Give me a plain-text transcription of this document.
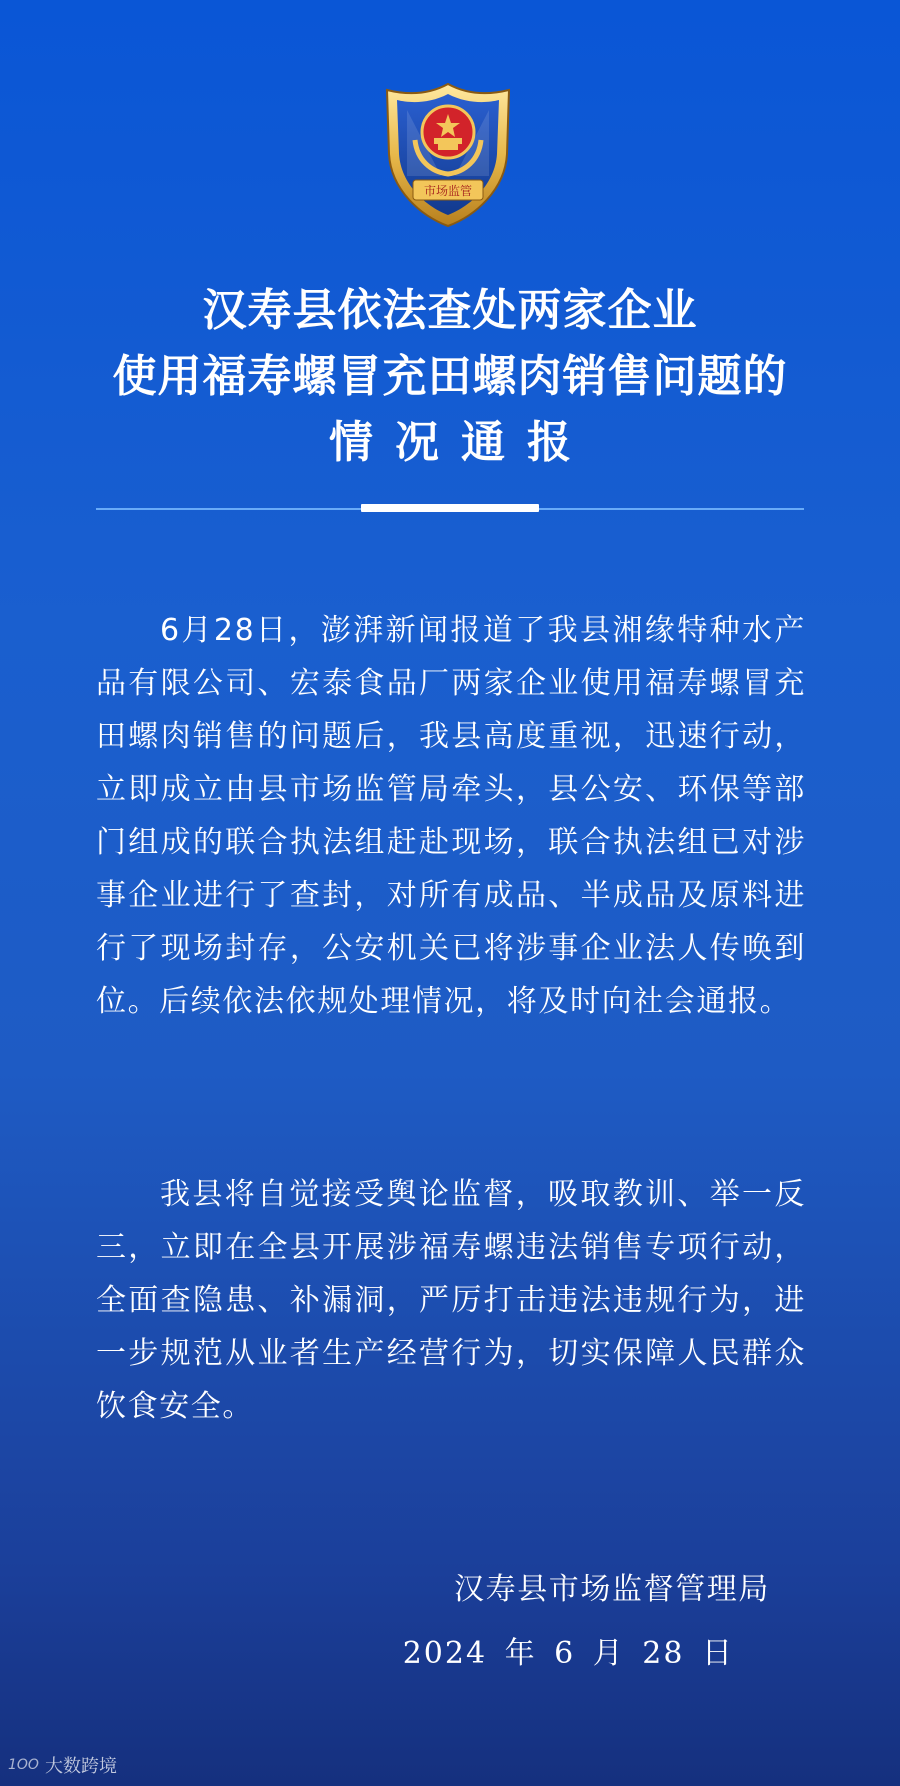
市场监管
汉寿县依法查处两家企业
使用福寿螺冒充田螺肉销售问题的
情况通报

6月28日，澎湃新闻报道了我县湘缘特种水产品有限公司、宏泰食品厂两家企业使用福寿螺冒充田螺肉销售的问题后，我县高度重视，迅速行动，立即成立由县市场监管局牵头，县公安、环保等部门组成的联合执法组赶赴现场，联合执法组已对涉事企业进行了查封，对所有成品、半成品及原料进行了现场封存，公安机关已将涉事企业法人传唤到位。后续依法依规处理情况，将及时向社会通报。

我县将自觉接受舆论监督，吸取教训、举一反三，立即在全县开展涉福寿螺违法销售专项行动，全面查隐患、补漏洞，严厉打击违法违规行为，进一步规范从业者生产经营行为，切实保障人民群众饮食安全。

汉寿县市场监督管理局
2024 年 6 月 28 日
1OO 大数跨境
